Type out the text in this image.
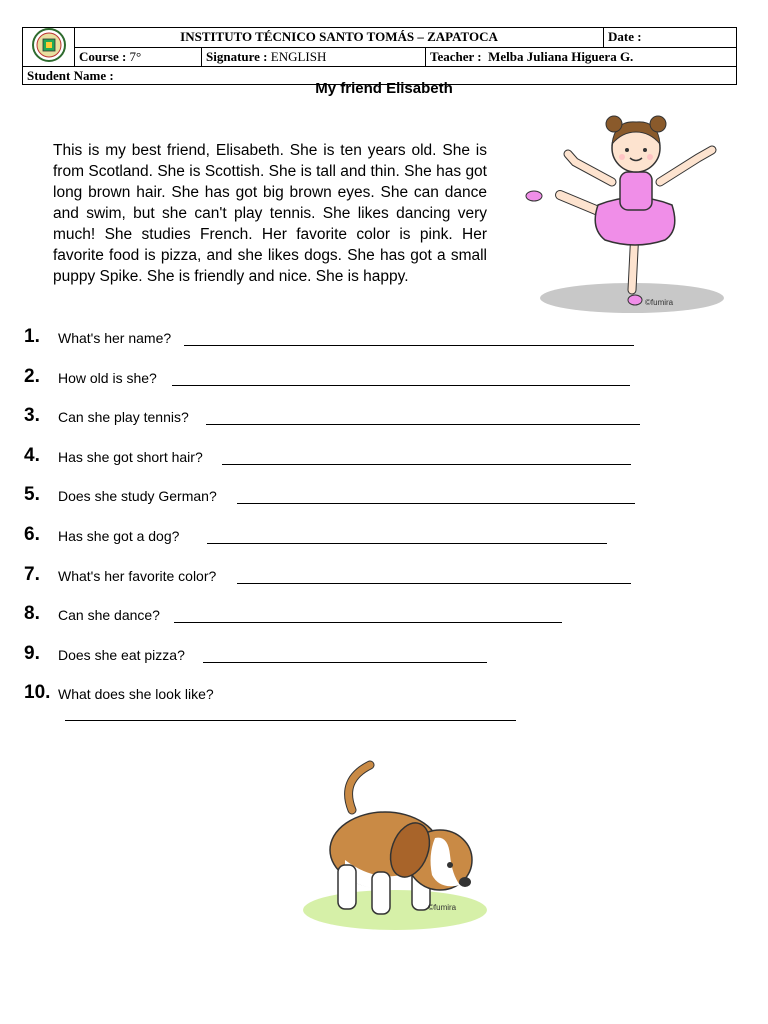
	INSTITUTO TÉCNICO SANTO TOMÁS – ZAPATOCA			Date :
	Course : 7°	Signature : ENGLISH	Teacher : Melba Juliana Higuera G.	
Student Name :				
My friend Elisabeth
This is my best friend, Elisabeth. She is ten years old. She is from Scotland. She is Scottish. She is tall and thin. She has got long brown hair. She has got big brown eyes. She can dance and swim, but she can't play tennis. She likes dancing very much! She studies French. Her favorite color is pink. Her favorite food is pizza, and she likes dogs. She has got a small puppy Spike. She is friendly and nice. She is happy.
©fumira
1. What's her name?
2. How old is she?
3. Can she play tennis?
4. Has she got short hair?
5. Does she study German?
6. Has she got a dog?
7. What's her favorite color?
8. Can she dance?
9. Does she eat pizza?
10. What does she look like?
©fumira
